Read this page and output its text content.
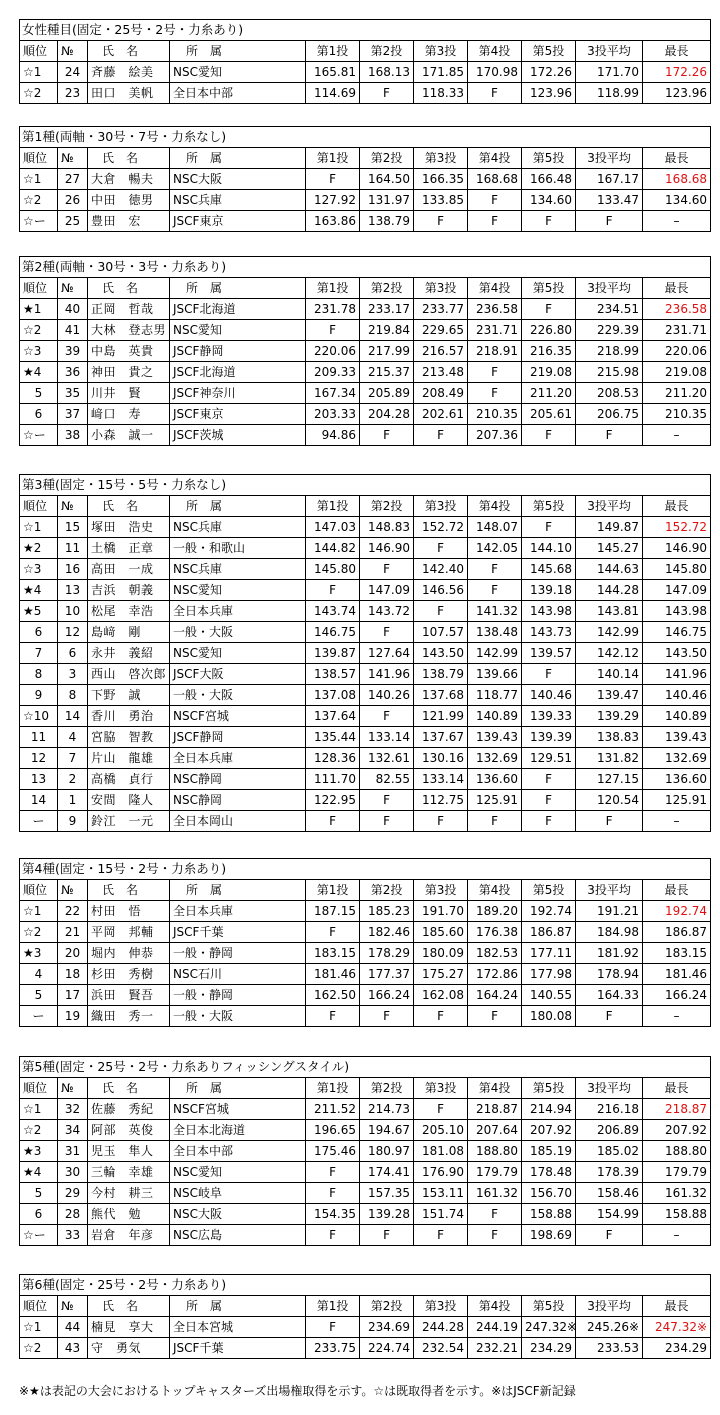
女性種目(固定・25号・2号・力糸あり)										
順位	№	氏　名	所　属	第1投	第2投	第3投	第4投	第5投	3投平均	最長
☆1	24	斉藤　絵美	NSC愛知	165.81	168.13	171.85	170.98	172.26	171.70	172.26
☆2	23	田口　美帆	全日本中部	114.69	F	118.33	F	123.96	118.99	123.96
第1種(両軸・30号・7号・力糸なし)										
順位	№	氏　名	所　属	第1投	第2投	第3投	第4投	第5投	3投平均	最長
☆1	27	大倉　暢夫	NSC大阪	F	164.50	166.35	168.68	166.48	167.17	168.68
☆2	26	中田　徳男	NSC兵庫	127.92	131.97	133.85	F	134.60	133.47	134.60
☆ー	25	豊田　宏	JSCF東京	163.86	138.79	F	F	F	F	–
第2種(両軸・30号・3号・力糸あり)										
順位	№	氏　名	所　属	第1投	第2投	第3投	第4投	第5投	3投平均	最長
★1	40	正岡　哲哉	JSCF北海道	231.78	233.17	233.77	236.58	F	234.51	236.58
☆2	41	大林　登志男	NSC愛知	F	219.84	229.65	231.71	226.80	229.39	231.71
☆3	39	中島　英貴	JSCF静岡	220.06	217.99	216.57	218.91	216.35	218.99	220.06
★4	36	神田　貴之	JSCF北海道	209.33	215.37	213.48	F	219.08	215.98	219.08
5	35	川井　賢	JSCF神奈川	167.34	205.89	208.49	F	211.20	208.53	211.20
6	37	﨑口　寿	JSCF東京	203.33	204.28	202.61	210.35	205.61	206.75	210.35
☆ー	38	小森　誠一	JSCF茨城	94.86	F	F	207.36	F	F	–
第3種(固定・15号・5号・力糸なし)										
順位	№	氏　名	所　属	第1投	第2投	第3投	第4投	第5投	3投平均	最長
☆1	15	塚田　浩史	NSC兵庫	147.03	148.83	152.72	148.07	F	149.87	152.72
★2	11	土橋　正章	一般・和歌山	144.82	146.90	F	142.05	144.10	145.27	146.90
☆3	16	高田　一成	NSC兵庫	145.80	F	142.40	F	145.68	144.63	145.80
★4	13	吉浜　朝義	NSC愛知	F	147.09	146.56	F	139.18	144.28	147.09
★5	10	松尾　幸浩	全日本兵庫	143.74	143.72	F	141.32	143.98	143.81	143.98
6	12	島﨑　剛	一般・大阪	146.75	F	107.57	138.48	143.73	142.99	146.75
7	6	永井　義紹	NSC愛知	139.87	127.64	143.50	142.99	139.57	142.12	143.50
8	3	西山　啓次郎	JSCF大阪	138.57	141.96	138.79	139.66	F	140.14	141.96
9	8	下野　誠	一般・大阪	137.08	140.26	137.68	118.77	140.46	139.47	140.46
☆10	14	香川　勇治	NSCF宮城	137.64	F	121.99	140.89	139.33	139.29	140.89
11	4	宮脇　智教	JSCF静岡	135.44	133.14	137.67	139.43	139.39	138.83	139.43
12	7	片山　龍雄	全日本兵庫	128.36	132.61	130.16	132.69	129.51	131.82	132.69
13	2	高橋　貞行	NSC静岡	111.70	82.55	133.14	136.60	F	127.15	136.60
14	1	安間　隆人	NSC静岡	122.95	F	112.75	125.91	F	120.54	125.91
ー	9	鈴江　一元	全日本岡山	F	F	F	F	F	F	–
第4種(固定・15号・2号・力糸あり)										
順位	№	氏　名	所　属	第1投	第2投	第3投	第4投	第5投	3投平均	最長
☆1	22	村田　悟	全日本兵庫	187.15	185.23	191.70	189.20	192.74	191.21	192.74
☆2	21	平岡　邦輔	JSCF千葉	F	182.46	185.60	176.38	186.87	184.98	186.87
★3	20	堀内　伸恭	一般・静岡	183.15	178.29	180.09	182.53	177.11	181.92	183.15
4	18	杉田　秀樹	NSC石川	181.46	177.37	175.27	172.86	177.98	178.94	181.46
5	17	浜田　賢吾	一般・静岡	162.50	166.24	162.08	164.24	140.55	164.33	166.24
ー	19	織田　秀一	一般・大阪	F	F	F	F	180.08	F	–
第5種(固定・25号・2号・力糸ありフィッシングスタイル)										
順位	№	氏　名	所　属	第1投	第2投	第3投	第4投	第5投	3投平均	最長
☆1	32	佐藤　秀紀	NSCF宮城	211.52	214.73	F	218.87	214.94	216.18	218.87
☆2	34	阿部　英俊	全日本北海道	196.65	194.67	205.10	207.64	207.92	206.89	207.92
★3	31	児玉　隼人	全日本中部	175.46	180.97	181.08	188.80	185.19	185.02	188.80
★4	30	三輪　幸雄	NSC愛知	F	174.41	176.90	179.79	178.48	178.39	179.79
5	29	今村　耕三	NSC岐阜	F	157.35	153.11	161.32	156.70	158.46	161.32
6	28	熊代　勉	NSC大阪	154.35	139.28	151.74	F	158.88	154.99	158.88
☆ー	33	岩倉　年彦	NSC広島	F	F	F	F	198.69	F	–
第6種(固定・25号・2号・力糸あり)										
順位	№	氏　名	所　属	第1投	第2投	第3投	第4投	第5投	3投平均	最長
☆1	44	楠見　享大	全日本宮城	F	234.69	244.28	244.19	247.32※	245.26※	247.32※
☆2	43	守　勇気	JSCF千葉	233.75	224.74	232.54	232.21	234.29	233.53	234.29
※★は表記の大会におけるトップキャスターズ出場権取得を示す。☆は既取得者を示す。※はJSCF新記録
